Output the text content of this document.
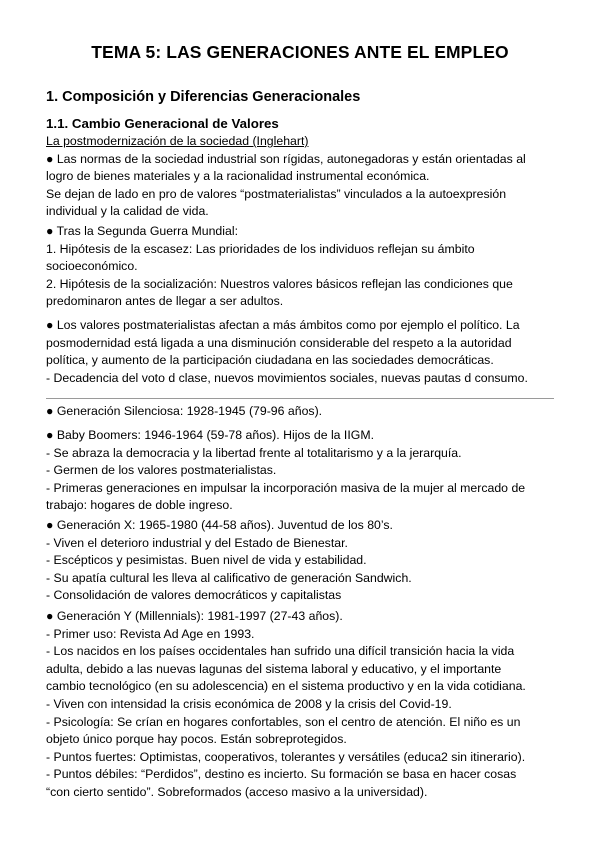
TEMA 5: LAS GENERACIONES ANTE EL EMPLEO
1. Composición y Diferencias Generacionales
1.1. Cambio Generacional de Valores
La postmodernización de la sociedad (Inglehart)
● Las normas de la sociedad industrial son rígidas, autonegadoras y están orientadas al
logro de bienes materiales y a la racionalidad instrumental económica.
Se dejan de lado en pro de valores “postmaterialistas” vinculados a la autoexpresión
individual y la calidad de vida.
● Tras la Segunda Guerra Mundial:
1. Hipótesis de la escasez: Las prioridades de los individuos reflejan su ámbito
socioeconómico.
2. Hipótesis de la socialización: Nuestros valores básicos reflejan las condiciones que
predominaron antes de llegar a ser adultos.
● Los valores postmaterialistas afectan a más ámbitos como por ejemplo el político. La
posmodernidad está ligada a una disminución considerable del respeto a la autoridad
política, y aumento de la participación ciudadana en las sociedades democráticas.
- Decadencia del voto d clase, nuevos movimientos sociales, nuevas pautas d consumo.
● Generación Silenciosa: 1928-1945 (79-96 años).
● Baby Boomers: 1946-1964 (59-78 años). Hijos de la IIGM.
- Se abraza la democracia y la libertad frente al totalitarismo y a la jerarquía.
- Germen de los valores postmaterialistas.
- Primeras generaciones en impulsar la incorporación masiva de la mujer al mercado de
trabajo: hogares de doble ingreso.
● Generación X: 1965-1980 (44-58 años). Juventud de los 80’s.
- Viven el deterioro industrial y del Estado de Bienestar.
- Escépticos y pesimistas. Buen nivel de vida y estabilidad.
- Su apatía cultural les lleva al calificativo de generación Sandwich.
- Consolidación de valores democráticos y capitalistas
● Generación Y (Millennials): 1981-1997 (27-43 años).
- Primer uso: Revista Ad Age en 1993.
- Los nacidos en los países occidentales han sufrido una difícil transición hacia la vida
adulta, debido a las nuevas lagunas del sistema laboral y educativo, y el importante
cambio tecnológico (en su adolescencia) en el sistema productivo y en la vida cotidiana.
- Viven con intensidad la crisis económica de 2008 y la crisis del Covid-19.
- Psicología: Se crían en hogares confortables, son el centro de atención. El niño es un
objeto único porque hay pocos. Están sobreprotegidos.
- Puntos fuertes: Optimistas, cooperativos, tolerantes y versátiles (educa2 sin itinerario).
- Puntos débiles: “Perdidos”, destino es incierto. Su formación se basa en hacer cosas
“con cierto sentido”. Sobreformados (acceso masivo a la universidad).
